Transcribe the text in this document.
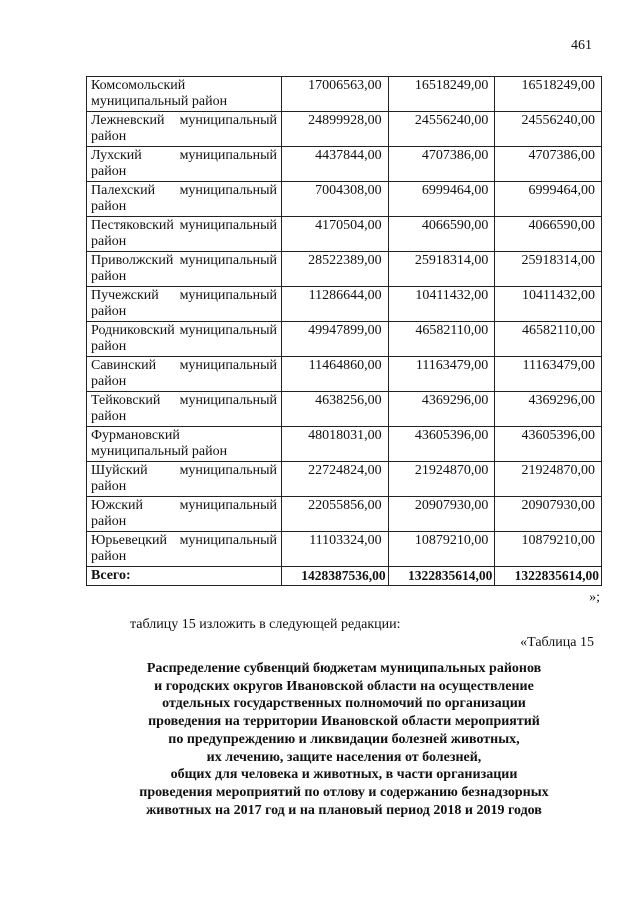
461
Комсомольский муниципальный район	17006563,00	16518249,00	16518249,00
Лежневский муниципальный район	24899928,00	24556240,00	24556240,00
Лухский муниципальный район	4437844,00	4707386,00	4707386,00
Палехский муниципальный район	7004308,00	6999464,00	6999464,00
Пестяковский муниципальный район	4170504,00	4066590,00	4066590,00
Приволжский муниципальный район	28522389,00	25918314,00	25918314,00
Пучежский муниципальный район	11286644,00	10411432,00	10411432,00
Родниковский муниципальный район	49947899,00	46582110,00	46582110,00
Савинский муниципальный район	11464860,00	11163479,00	11163479,00
Тейковский муниципальный район	4638256,00	4369296,00	4369296,00
Фурмановский муниципальный район	48018031,00	43605396,00	43605396,00
Шуйский муниципальный район	22724824,00	21924870,00	21924870,00
Южский муниципальный район	22055856,00	20907930,00	20907930,00
Юрьевецкий муниципальный район	11103324,00	10879210,00	10879210,00
Всего:	1428387536,00	1322835614,00	1322835614,00
»;
таблицу 15 изложить в следующей редакции:
«Таблица 15
Распределение субвенций бюджетам муниципальных районов
и городских округов Ивановской области на осуществление
отдельных государственных полномочий по организации
проведения на территории Ивановской области мероприятий
по предупреждению и ликвидации болезней животных,
их лечению, защите населения от болезней,
общих для человека и животных, в части организации
проведения мероприятий по отлову и содержанию безнадзорных
животных на 2017 год и на плановый период 2018 и 2019 годов
